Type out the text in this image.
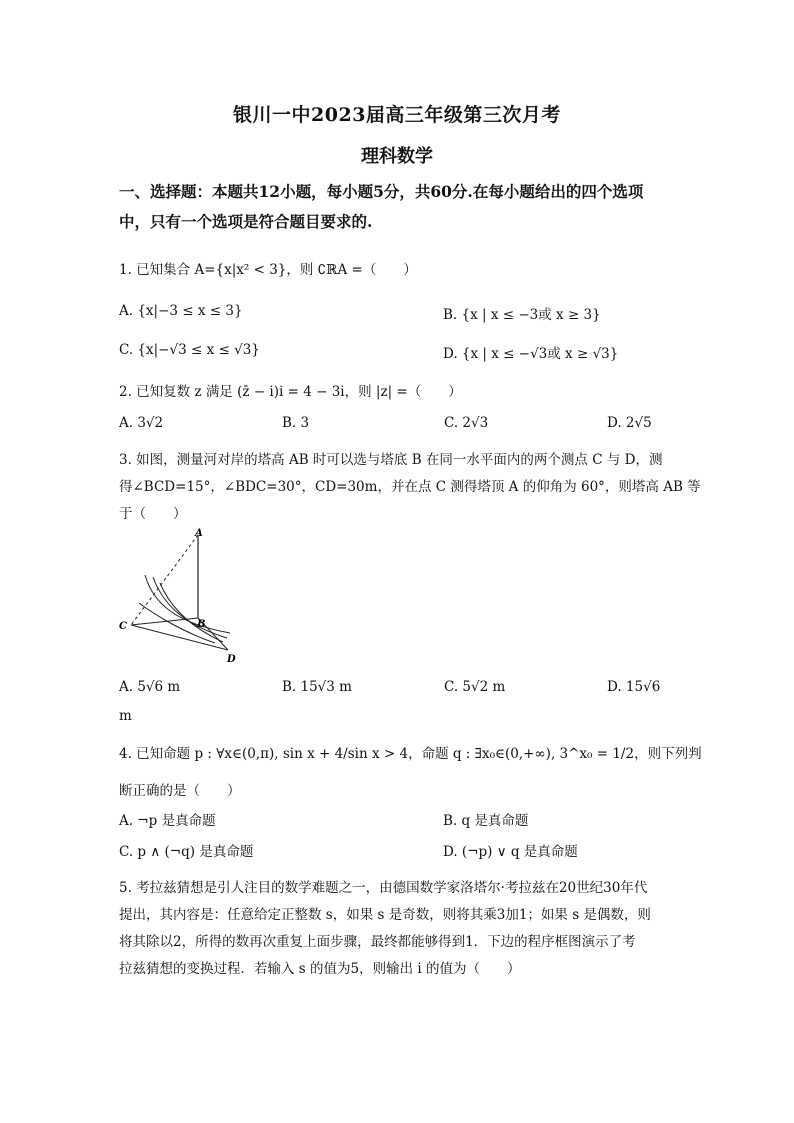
银川一中2023届高三年级第三次月考
理科数学
一、选择题：本题共12小题，每小题5分，共60分.在每小题给出的四个选项
中，只有一个选项是符合题目要求的.
1. 已知集合 A={x|x² < 3}，则 ∁ℝA =（　　）
A. {x|−3 ≤ x ≤ 3}	B. {x | x ≤ −3或 x ≥ 3}
C. {x|−√3 ≤ x ≤ √3}	D. {x | x ≤ −√3或 x ≥ √3}
2. 已知复数 z 满足 (z̄ − i)i = 4 − 3i，则 |z| =（　　）
A. 3√2	B. 3	C. 2√3	D. 2√5
3. 如图，测量河对岸的塔高 AB 时可以选与塔底 B 在同一水平面内的两个测点 C 与 D，测
得∠BCD=15°，∠BDC=30°，CD=30m，并在点 C 测得塔顶 A 的仰角为 60°，则塔高 AB 等
于（　　）
A
B
C
D
A. 5√6 m	B. 15√3 m	C. 5√2 m	D. 15√6
m
4. 已知命题 p : ∀x∈(0,π), sin x + 4/sin x > 4，命题 q : ∃x₀∈(0,+∞), 3^x₀ = 1/2，则下列判
断正确的是（　　）
A. ¬p 是真命题	B. q 是真命题
C. p ∧ (¬q) 是真命题	D. (¬p) ∨ q 是真命题
5. 考拉兹猜想是引人注目的数学难题之一，由德国数学家洛塔尔·考拉兹在20世纪30年代
提出，其内容是：任意给定正整数 s，如果 s 是奇数，则将其乘3加1；如果 s 是偶数，则
将其除以2，所得的数再次重复上面步骤，最终都能够得到1．下边的程序框图演示了考
拉兹猜想的变换过程．若输入 s 的值为5，则输出 i 的值为（　　）
